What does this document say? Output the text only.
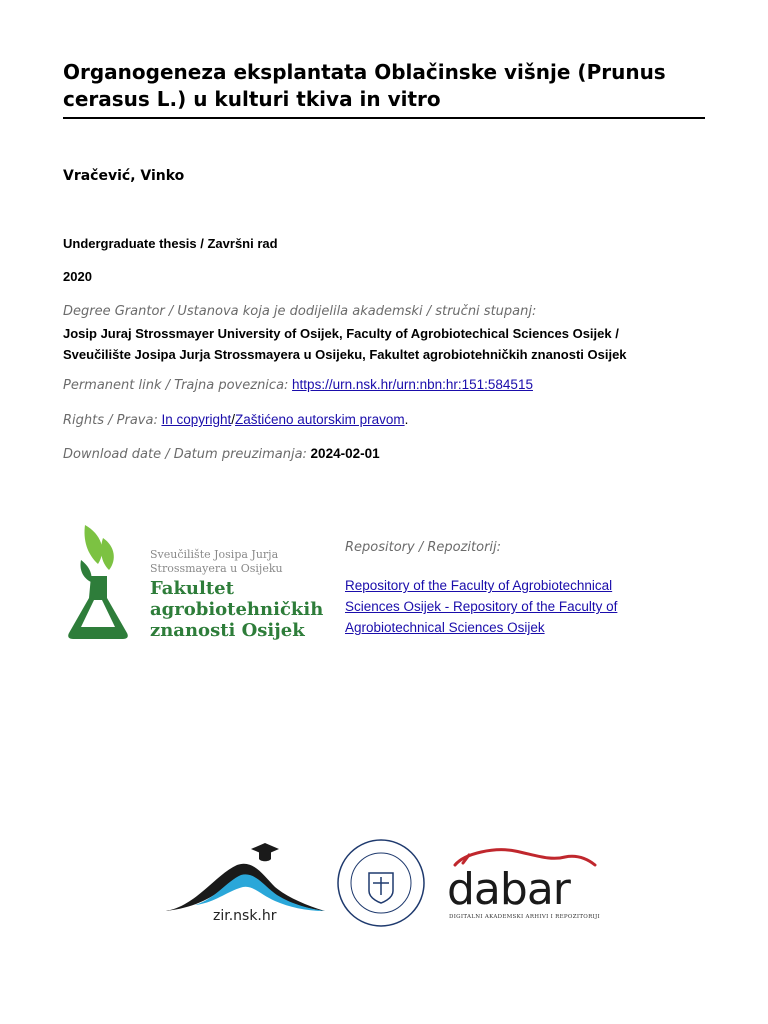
Organogeneza eksplantata Oblačinske višnje (Prunus cerasus L.) u kulturi tkiva in vitro
Vračević, Vinko
Undergraduate thesis / Završni rad
2020
Degree Grantor / Ustanova koja je dodijelila akademski / stručni stupanj:
Josip Juraj Strossmayer University of Osijek, Faculty of Agrobiotechical Sciences Osijek /
Sveučilište Josipa Jurja Strossmayera u Osijeku, Fakultet agrobiotehničkih znanosti Osijek
Permanent link / Trajna poveznica: https://urn.nsk.hr/urn:nbn:hr:151:584515
Rights / Prava: In copyright/Zaštićeno autorskim pravom.
Download date / Datum preuzimanja: 2024-02-01
Sveučilište Josipa Jurja
Strossmayera u Osijeku
Fakultet
agrobiotehničkih
znanosti Osijek
Repository / Repozitorij:
Repository of the Faculty of Agrobiotechnical Sciences Osijek - Repository of the Faculty of Agrobiotechnical Sciences Osijek
zir.nsk.hr
dabar
DIGITALNI AKADEMSKI ARHIVI I REPOZITORIJI
